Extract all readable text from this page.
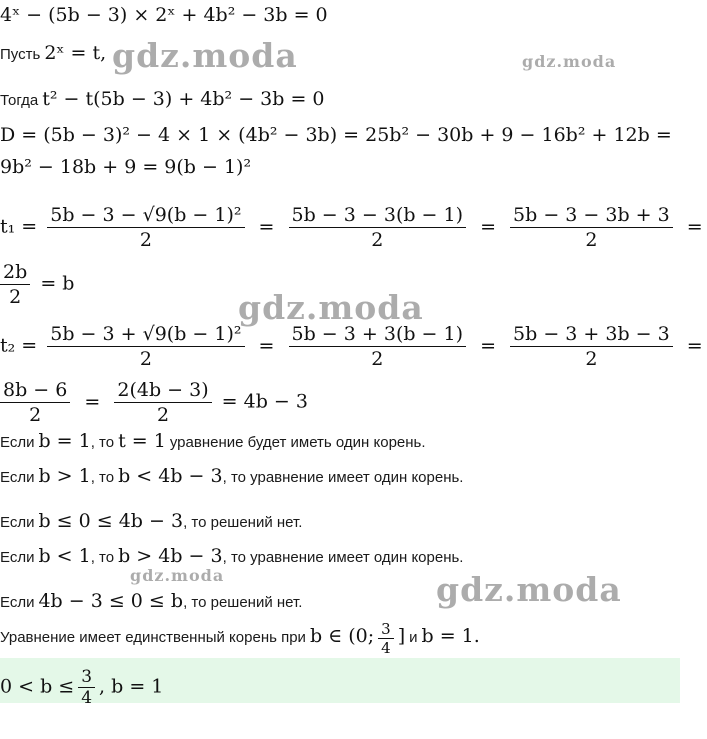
4ˣ − (5b − 3) × 2ˣ + 4b² − 3b = 0
Пусть 2ˣ = t,
Тогда t² − t(5b − 3) + 4b² − 3b = 0
D = (5b − 3)² − 4 × 1 × (4b² − 3b) = 25b² − 30b + 9 − 16b² + 12b =
9b² − 18b + 9 = 9(b − 1)²
$t_1 = \frac{\text{5b − 3 − √9(b − 1)²}}{2} = \frac{5b - 3 - 3(b - 1)}{2} = \frac{5b - 3 - 3b + 3}{2}$ =
$\frac{2b}{2} = b$
$t_2 = \frac{\text{5b − 3 + √9(b − 1)²}}{2} = \frac{5b - 3 + 3(b - 1)}{2} = \frac{5b - 3 + 3b - 3}{2}$ =
$\frac{8b - 6}{2} = \frac{2(4b - 3)}{2} = 4b - 3$
Если b = 1, то t = 1 уравнение будет иметь один корень.
Если b > 1, то b < 4b − 3, то уравнение имеет один корень.
Если b ≤ 0 ≤ 4b − 3, то решений нет.
Если b < 1, то b > 4b − 3, то уравнение имеет один корень.
Если 4b − 3 ≤ 0 ≤ b, то решений нет.
Уравнение имеет единственный корень при b ∈ (0; $\frac{3}{4}$ ] и b = 1.
$0 < b \le \frac{3}{4}$ , b = 1
gdz.moda	gdz.moda
gdz.moda
gdz.moda	gdz.moda
